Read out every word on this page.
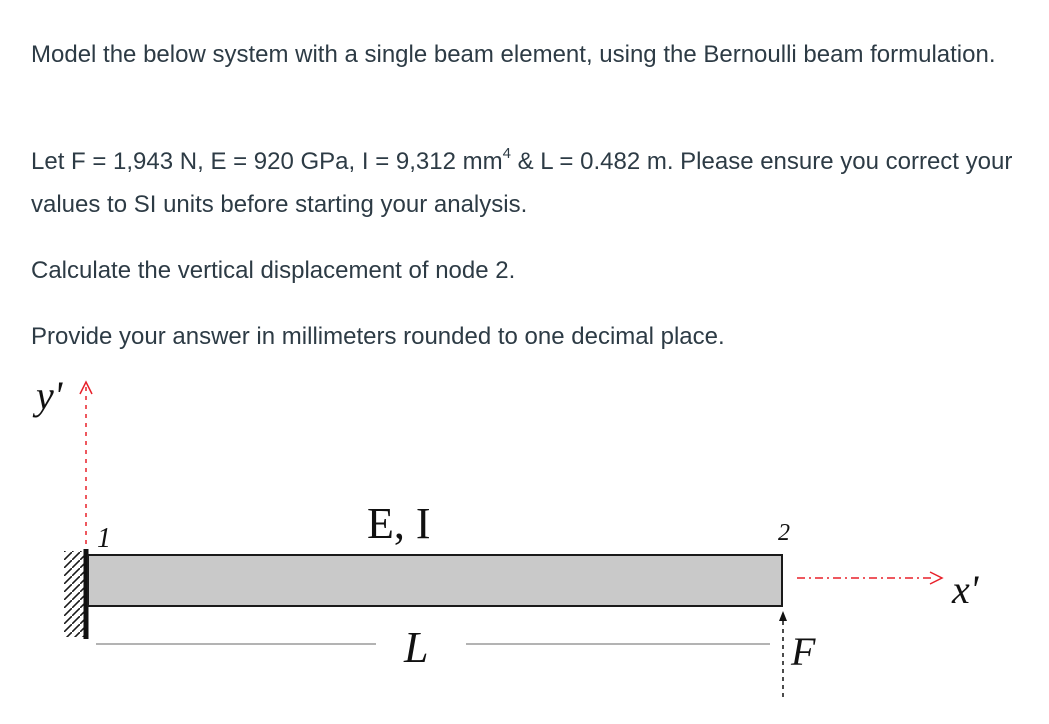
Model the below system with a single beam element, using the Bernoulli beam formulation.

Let F = 1,943 N, E = 920 GPa, I = 9,312 $mm^4$ & L = 0.482 m. Please ensure you correct your values to SI units before starting your analysis.

Calculate the vertical displacement of node 2.

Provide your answer in millimeters rounded to one decimal place.

y'
1	E, I	2
x'
L	F
